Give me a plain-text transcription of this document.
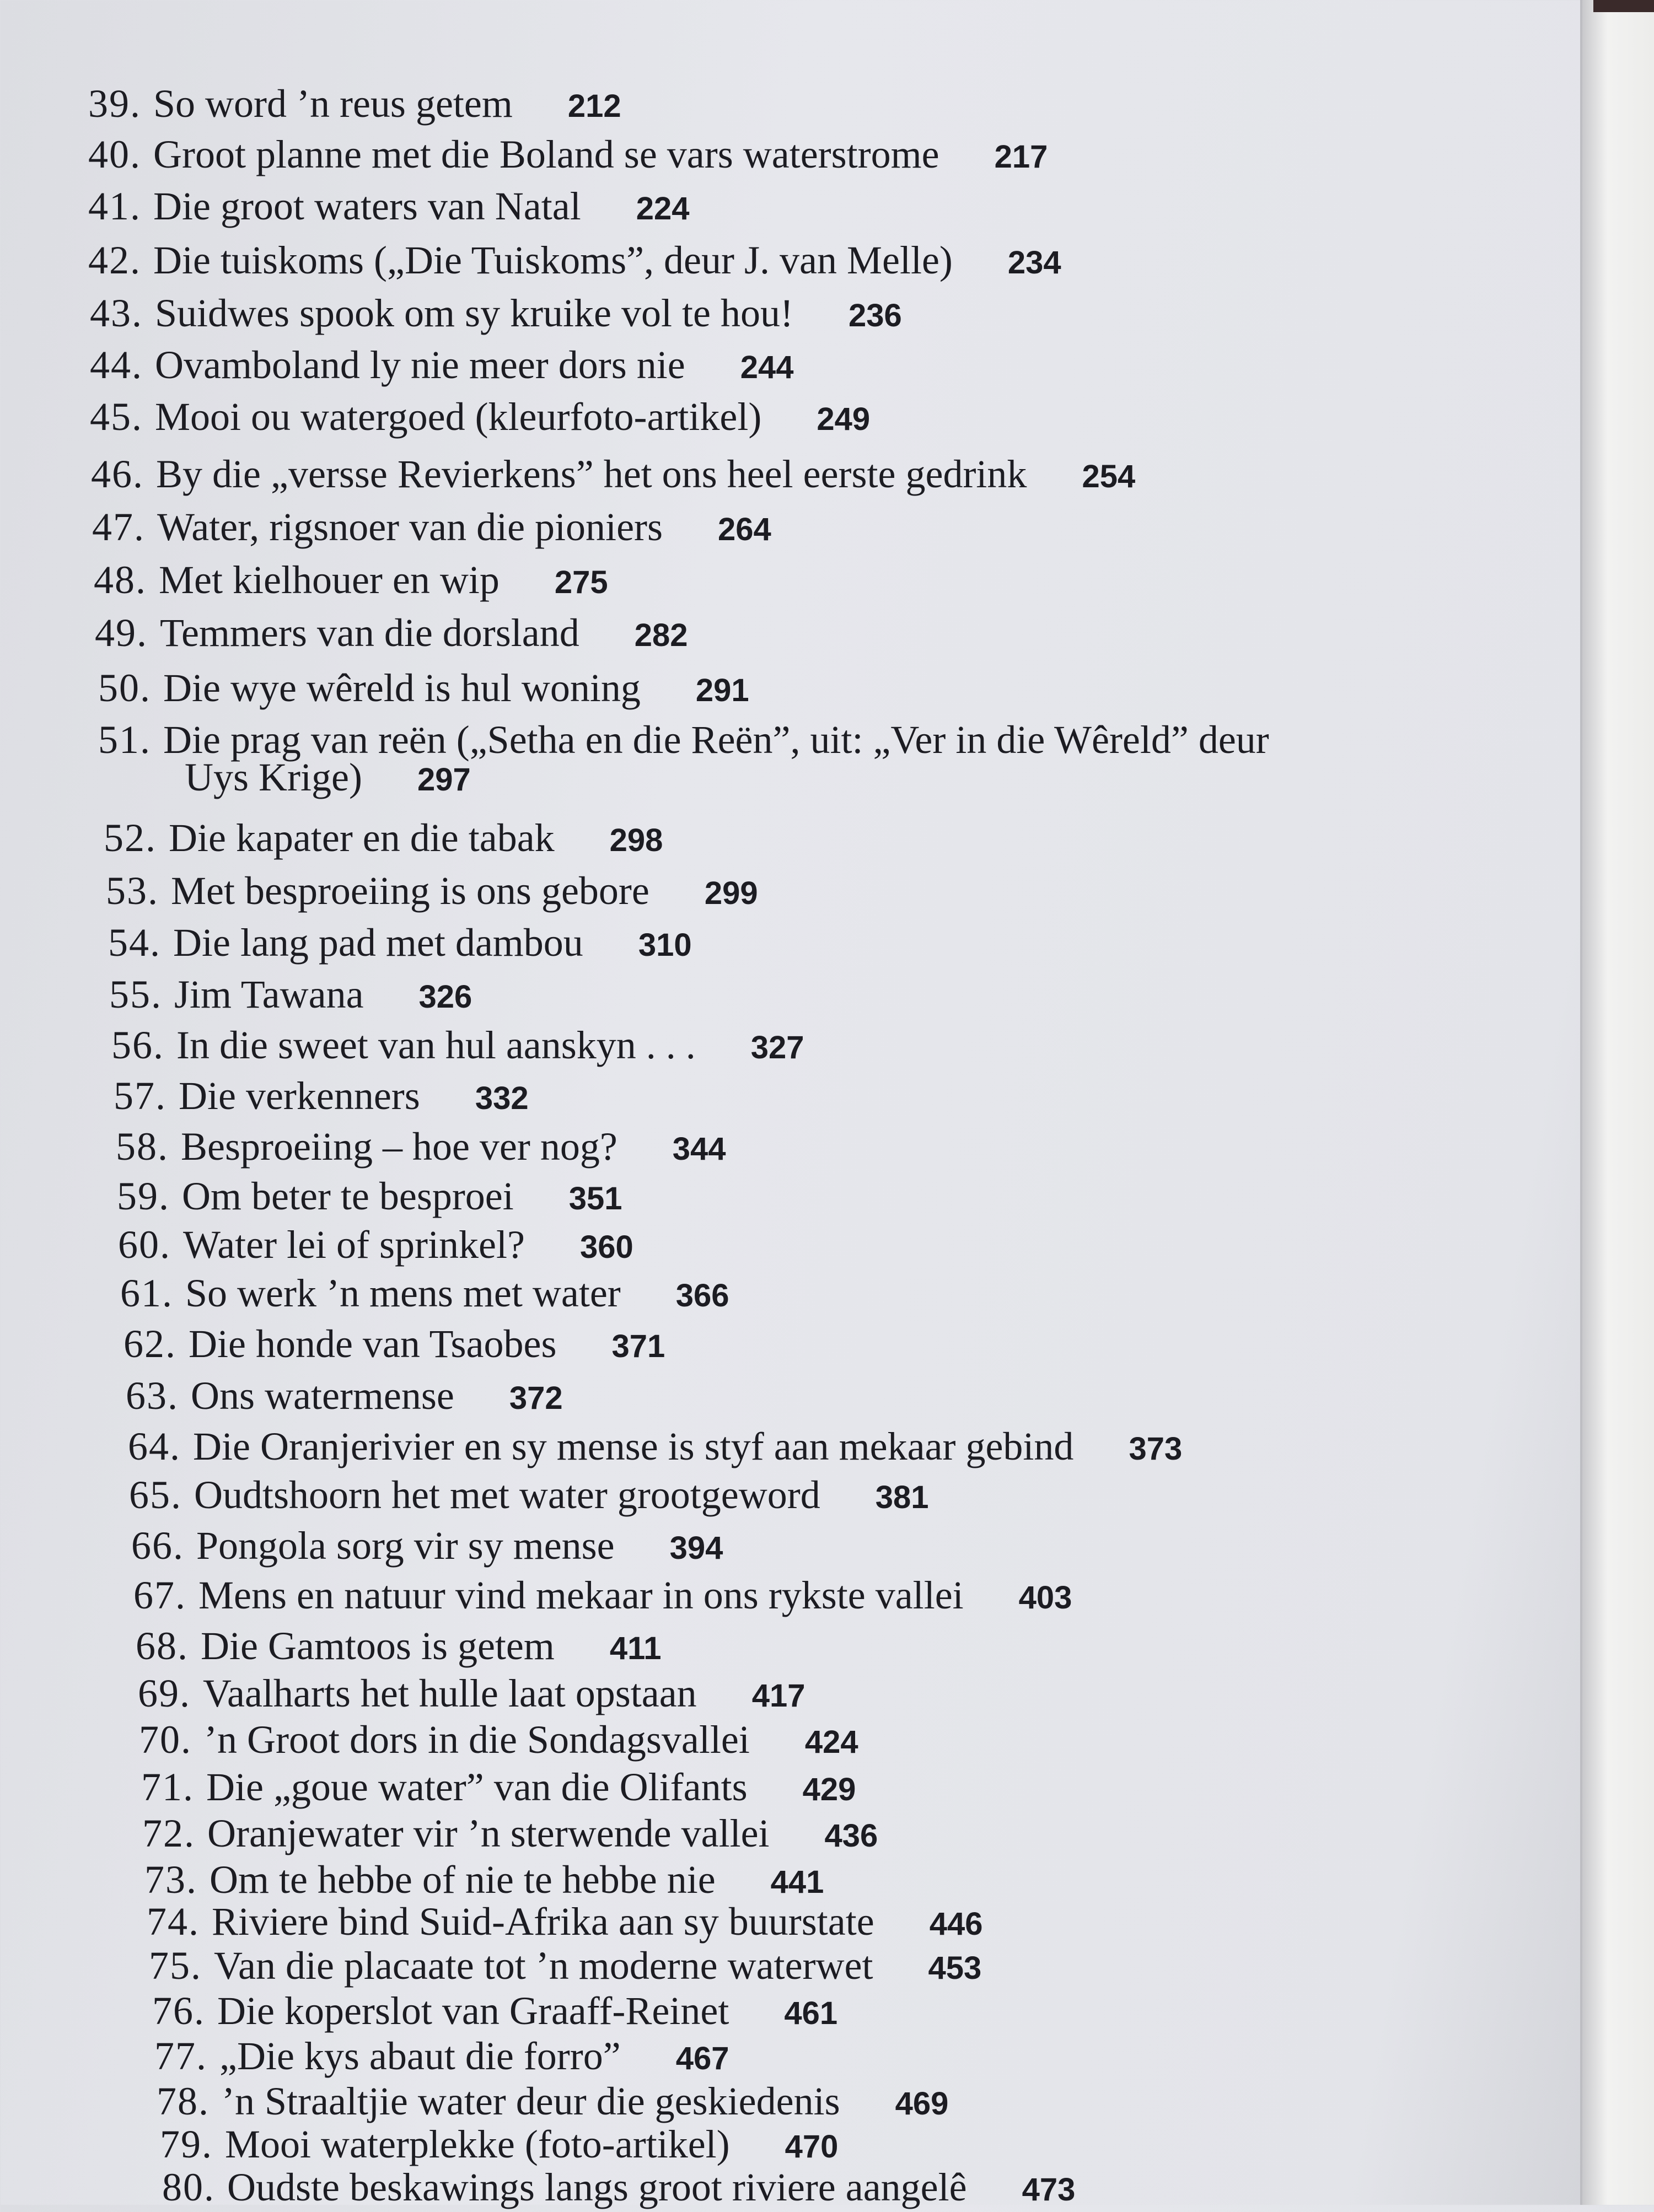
39. So word ’n reus getem 212
40. Groot planne met die Boland se vars waterstrome 217
41. Die groot waters van Natal 224
42. Die tuiskoms („Die Tuiskoms”, deur J. van Melle) 234
43. Suidwes spook om sy kruike vol te hou! 236
44. Ovamboland ly nie meer dors nie 244
45. Mooi ou watergoed (kleurfoto-artikel) 249
46. By die „versse Revierkens” het ons heel eerste gedrink 254
47. Water, rigsnoer van die pioniers 264
48. Met kielhouer en wip 275
49. Temmers van die dorsland 282
50. Die wye wêreld is hul woning 291
51. Die prag van reën („Setha en die Reën”, uit: „Ver in die Wêreld” deur
Uys Krige) 297
52. Die kapater en die tabak 298
53. Met besproeiing is ons gebore 299
54. Die lang pad met dambou 310
55. Jim Tawana 326
56. In die sweet van hul aanskyn . . . 327
57. Die verkenners 332
58. Besproeiing – hoe ver nog? 344
59. Om beter te besproei 351
60. Water lei of sprinkel? 360
61. So werk ’n mens met water 366
62. Die honde van Tsaobes 371
63. Ons watermense 372
64. Die Oranjerivier en sy mense is styf aan mekaar gebind 373
65. Oudtshoorn het met water grootgeword 381
66. Pongola sorg vir sy mense 394
67. Mens en natuur vind mekaar in ons rykste vallei 403
68. Die Gamtoos is getem 411
69. Vaalharts het hulle laat opstaan 417
70. ’n Groot dors in die Sondagsvallei 424
71. Die „goue water” van die Olifants 429
72. Oranjewater vir ’n sterwende vallei 436
73. Om te hebbe of nie te hebbe nie 441
74. Riviere bind Suid-Afrika aan sy buurstate 446
75. Van die placaate tot ’n moderne waterwet 453
76. Die koperslot van Graaff-Reinet 461
77. „Die kys abaut die forro” 467
78. ’n Straaltjie water deur die geskiedenis 469
79. Mooi waterplekke (foto-artikel) 470
80. Oudste beskawings langs groot riviere aangelê 473
